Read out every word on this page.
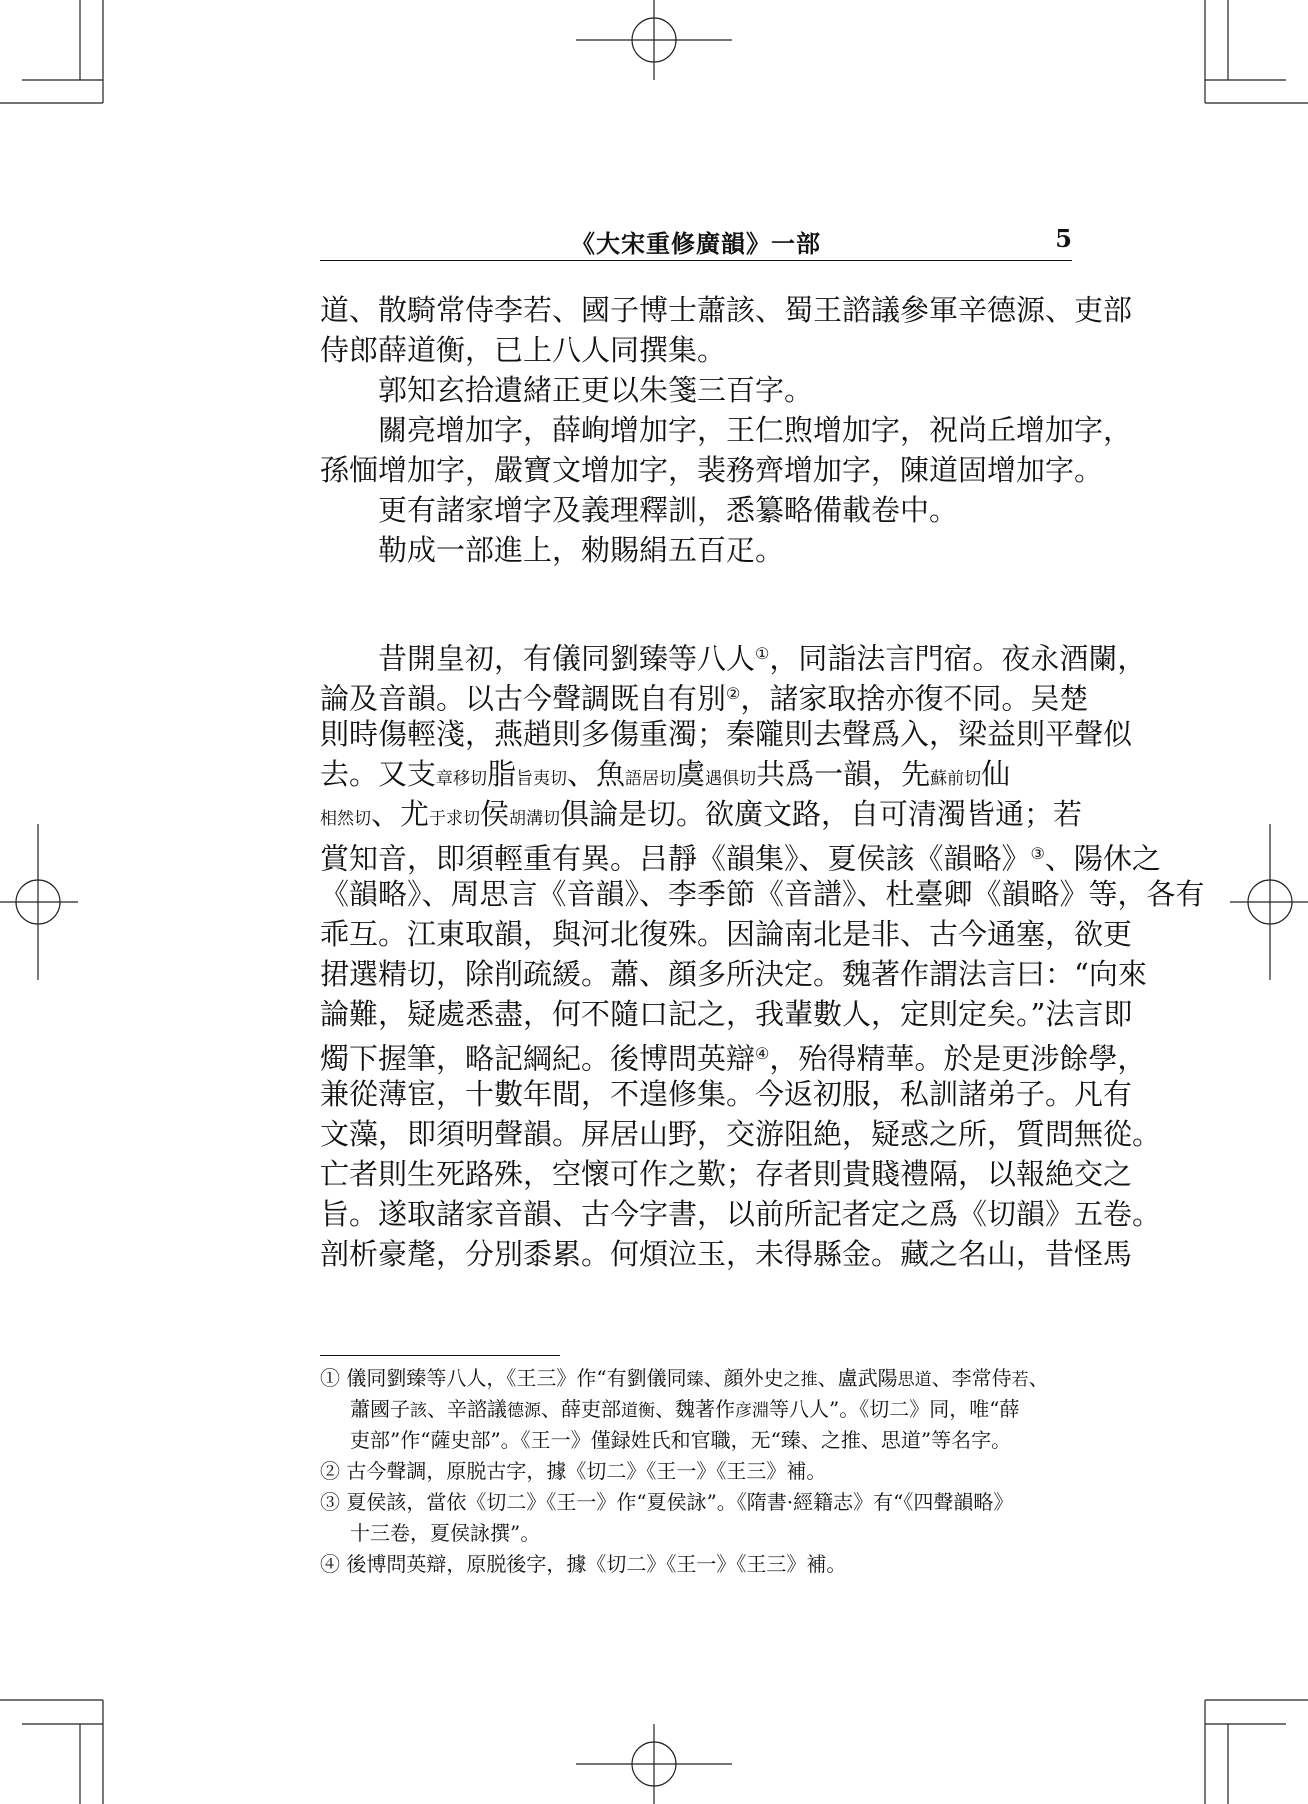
《大宋重修廣韻》一部	5
道、散騎常侍李若、國子博士蕭該、蜀王諮議參軍辛德源、吏部
侍郎薛道衡，已上八人同撰集。
郭知玄拾遺緒正更以朱箋三百字。
關亮增加字，薛峋增加字，王仁煦增加字，祝尚丘增加字，
孫愐增加字，嚴寶文增加字，裴務齊增加字，陳道固增加字。
更有諸家增字及義理釋訓，悉纂略備載卷中。
勒成一部進上，勑賜絹五百疋。
昔開皇初，有儀同劉臻等八人①，同詣法言門宿。夜永酒闌，
論及音韻。以古今聲調既自有別②，諸家取捨亦復不同。吴楚
則時傷輕淺，燕趙則多傷重濁；秦隴則去聲爲入，梁益則平聲似
去。又支章移切脂旨夷切、魚語居切虞遇俱切共爲一韻，先蘇前切仙
相然切、尤于求切侯胡溝切俱論是切。欲廣文路，自可清濁皆通；若
賞知音，即須輕重有異。吕靜《韻集》、夏侯該《韻略》③、陽休之
《韻略》、周思言《音韻》、李季節《音譜》、杜臺卿《韻略》等，各有
乖互。江東取韻，與河北復殊。因論南北是非、古今通塞，欲更
捃選精切，除削疏緩。蕭、顔多所決定。魏著作謂法言曰：“向來
論難，疑處悉盡，何不隨口記之，我輩數人，定則定矣。”法言即
燭下握筆，略記綱紀。後博問英辯④，殆得精華。於是更涉餘學，
兼從薄宦，十數年間，不遑修集。今返初服，私訓諸弟子。凡有
文藻，即須明聲韻。屏居山野，交游阻絶，疑惑之所，質問無從。
亡者則生死路殊，空懷可作之歎；存者則貴賤禮隔，以報絶交之
旨。遂取諸家音韻、古今字書，以前所記者定之爲《切韻》五卷。
剖析豪氂，分別黍累。何煩泣玉，未得縣金。藏之名山，昔怪馬
① 儀同劉臻等八人，《王三》作“有劉儀同臻、顔外史之推、盧武陽思道、李常侍若、
蕭國子該、辛諮議德源、薛吏部道衡、魏著作彦淵等八人”。《切二》同，唯“薛
吏部”作“薩史部”。《王一》僅録姓氏和官職，无“臻、之推、思道”等名字。
② 古今聲調，原脱古字，據《切二》《王一》《王三》補。
③ 夏侯該，當依《切二》《王一》作“夏侯詠”。《隋書·經籍志》有“《四聲韻略》
十三卷，夏侯詠撰”。
④ 後博問英辯，原脱後字，據《切二》《王一》《王三》補。
